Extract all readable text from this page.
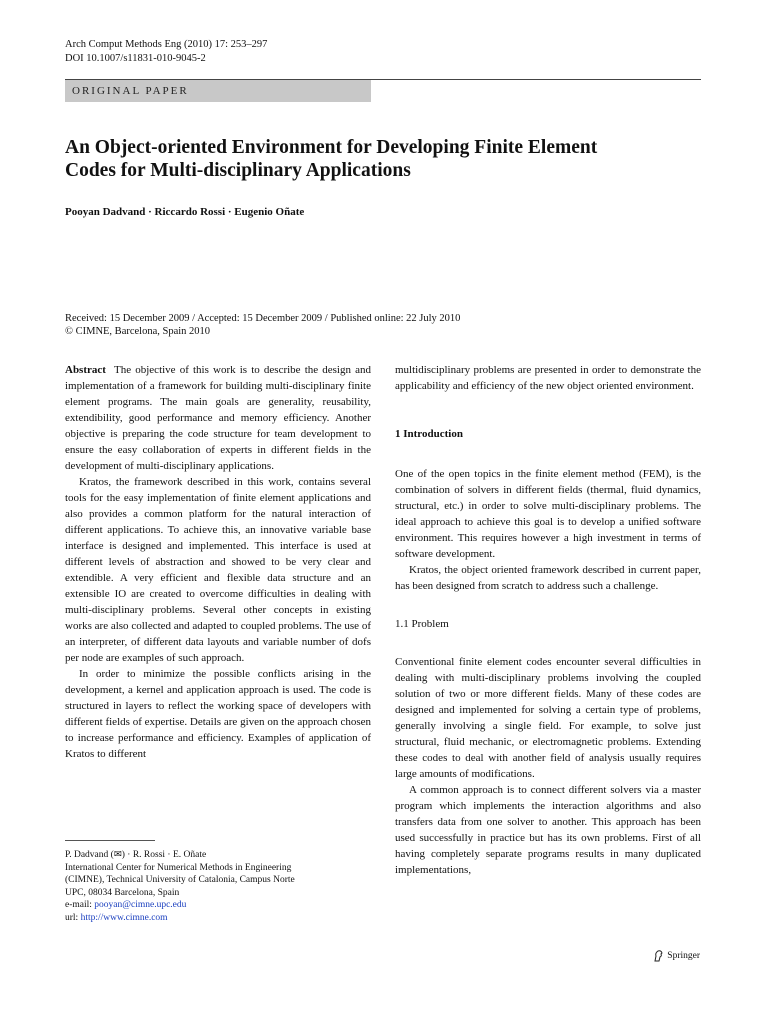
Arch Comput Methods Eng (2010) 17: 253–297
DOI 10.1007/s11831-010-9045-2
ORIGINAL PAPER
An Object-oriented Environment for Developing Finite Element
Codes for Multi-disciplinary Applications
Pooyan Dadvand · Riccardo Rossi · Eugenio Oñate
Received: 15 December 2009 / Accepted: 15 December 2009 / Published online: 22 July 2010
© CIMNE, Barcelona, Spain 2010

Abstract The objective of this work is to describe the design and implementation of a framework for building multi-disciplinary finite element programs. The main goals are generality, reusability, extendibility, good performance and memory efficiency. Another objective is preparing the code structure for team development to ensure the easy collaboration of experts in different fields in the development of multi-disciplinary applications.

Kratos, the framework described in this work, contains several tools for the easy implementation of finite element applications and also provides a common platform for the natural interaction of different applications. To achieve this, an innovative variable base interface is designed and implemented. This interface is used at different levels of abstraction and showed to be very clear and extendible. A very efficient and flexible data structure and an extensible IO are created to overcome difficulties in dealing with multi-disciplinary problems. Several other concepts in existing works are also collected and adapted to coupled problems. The use of an interpreter, of different data layouts and variable number of dofs per node are examples of such approach.

In order to minimize the possible conflicts arising in the development, a kernel and application approach is used. The code is structured in layers to reflect the working space of developers with different fields of expertise. Details are given on the approach chosen to increase performance and efficiency. Examples of application of Kratos to different

multidisciplinary problems are presented in order to demonstrate the applicability and efficiency of the new object oriented environment.

1 Introduction

One of the open topics in the finite element method (FEM), is the combination of solvers in different fields (thermal, fluid dynamics, structural, etc.) in order to solve multi-disciplinary problems. The ideal approach to achieve this goal is to develop a unified software environment. This requires however a high investment in terms of software development.

Kratos, the object oriented framework described in current paper, has been designed from scratch to address such a challenge.

1.1 Problem

Conventional finite element codes encounter several difficulties in dealing with multi-disciplinary problems involving the coupled solution of two or more different fields. Many of these codes are designed and implemented for solving a certain type of problems, generally involving a single field. For example, to solve just structural, fluid mechanic, or electromagnetic problems. Extending these codes to deal with another field of analysis usually requires large amounts of modifications.

A common approach is to connect different solvers via a master program which implements the interaction algorithms and also transfers data from one solver to another. This approach has been used successfully in practice but has its own problems. First of all having completely separate programs results in many duplicated implementations,

P. Dadvand (✉) · R. Rossi · E. Oñate
International Center for Numerical Methods in Engineering
(CIMNE), Technical University of Catalonia, Campus Norte
UPC, 08034 Barcelona, Spain
e-mail: pooyan@cimne.upc.edu
url: http://www.cimne.com
Springer
